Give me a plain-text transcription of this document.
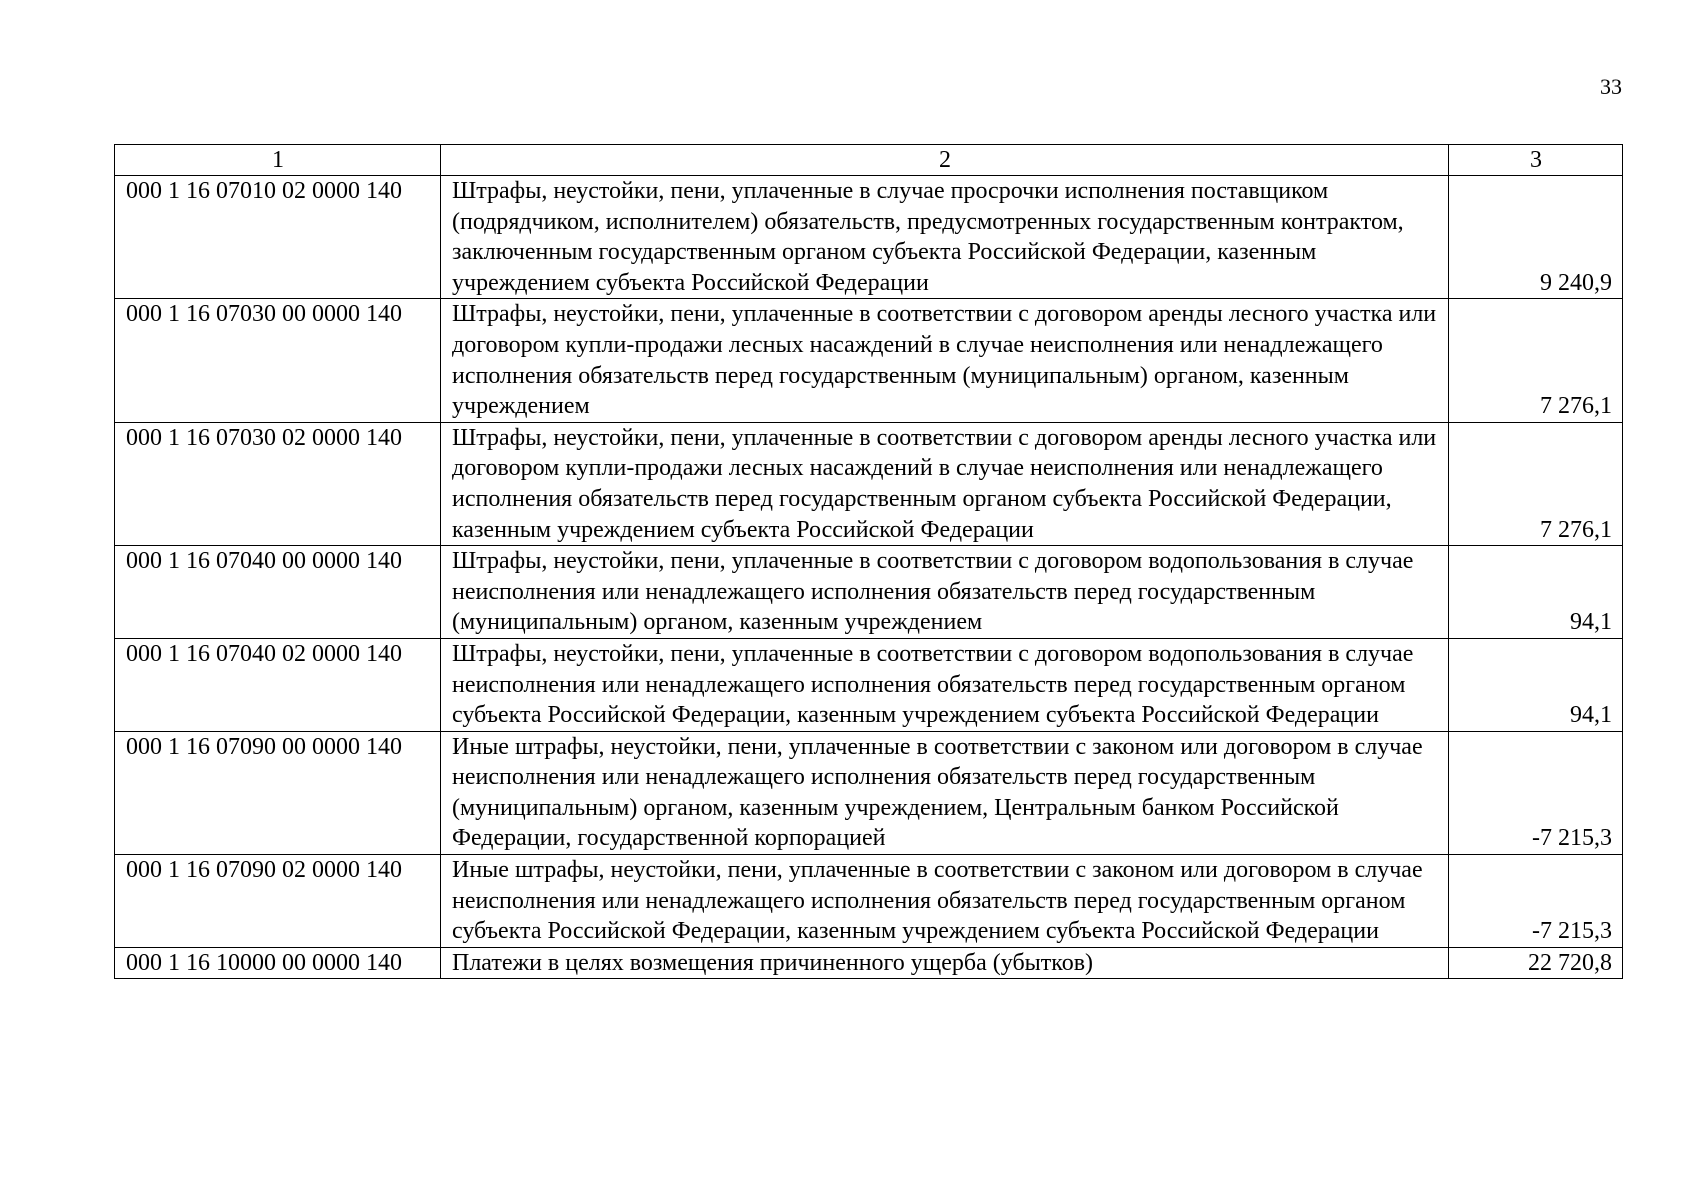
33
1	2	3
000 1 16 07010 02 0000 140	Штрафы, неустойки, пени, уплаченные в случае просрочки исполнения поставщиком (подрядчиком, исполнителем) обязательств, предусмотренных государственным контрактом, заключенным государственным органом субъекта Российской Федерации, казенным учреждением субъекта Российской Федерации	9 240,9
000 1 16 07030 00 0000 140	Штрафы, неустойки, пени, уплаченные в соответствии с договором аренды лесного участка или договором купли-продажи лесных насаждений в случае неисполнения или ненадлежащего исполнения обязательств перед государственным (муниципальным) органом, казенным учреждением	7 276,1
000 1 16 07030 02 0000 140	Штрафы, неустойки, пени, уплаченные в соответствии с договором аренды лесного участка или договором купли-продажи лесных насаждений в случае неисполнения или ненадлежащего исполнения обязательств перед государственным органом субъекта Российской Федерации, казенным учреждением субъекта Российской Федерации	7 276,1
000 1 16 07040 00 0000 140	Штрафы, неустойки, пени, уплаченные в соответствии с договором водопользования в случае неисполнения или ненадлежащего исполнения обязательств перед государственным (муниципальным) органом, казенным учреждением	94,1
000 1 16 07040 02 0000 140	Штрафы, неустойки, пени, уплаченные в соответствии с договором водопользования в случае неисполнения или ненадлежащего исполнения обязательств перед государственным органом субъекта Российской Федерации, казенным учреждением субъекта Российской Федерации	94,1
000 1 16 07090 00 0000 140	Иные штрафы, неустойки, пени, уплаченные в соответствии с законом или договором в случае неисполнения или ненадлежащего исполнения обязательств перед государственным (муниципальным) органом, казенным учреждением, Центральным банком Российской Федерации, государственной корпорацией	-7 215,3
000 1 16 07090 02 0000 140	Иные штрафы, неустойки, пени, уплаченные в соответствии с законом или договором в случае неисполнения или ненадлежащего исполнения обязательств перед государственным органом субъекта Российской Федерации, казенным учреждением субъекта Российской Федерации	-7 215,3
000 1 16 10000 00 0000 140	Платежи в целях возмещения причиненного ущерба (убытков)	22 720,8
